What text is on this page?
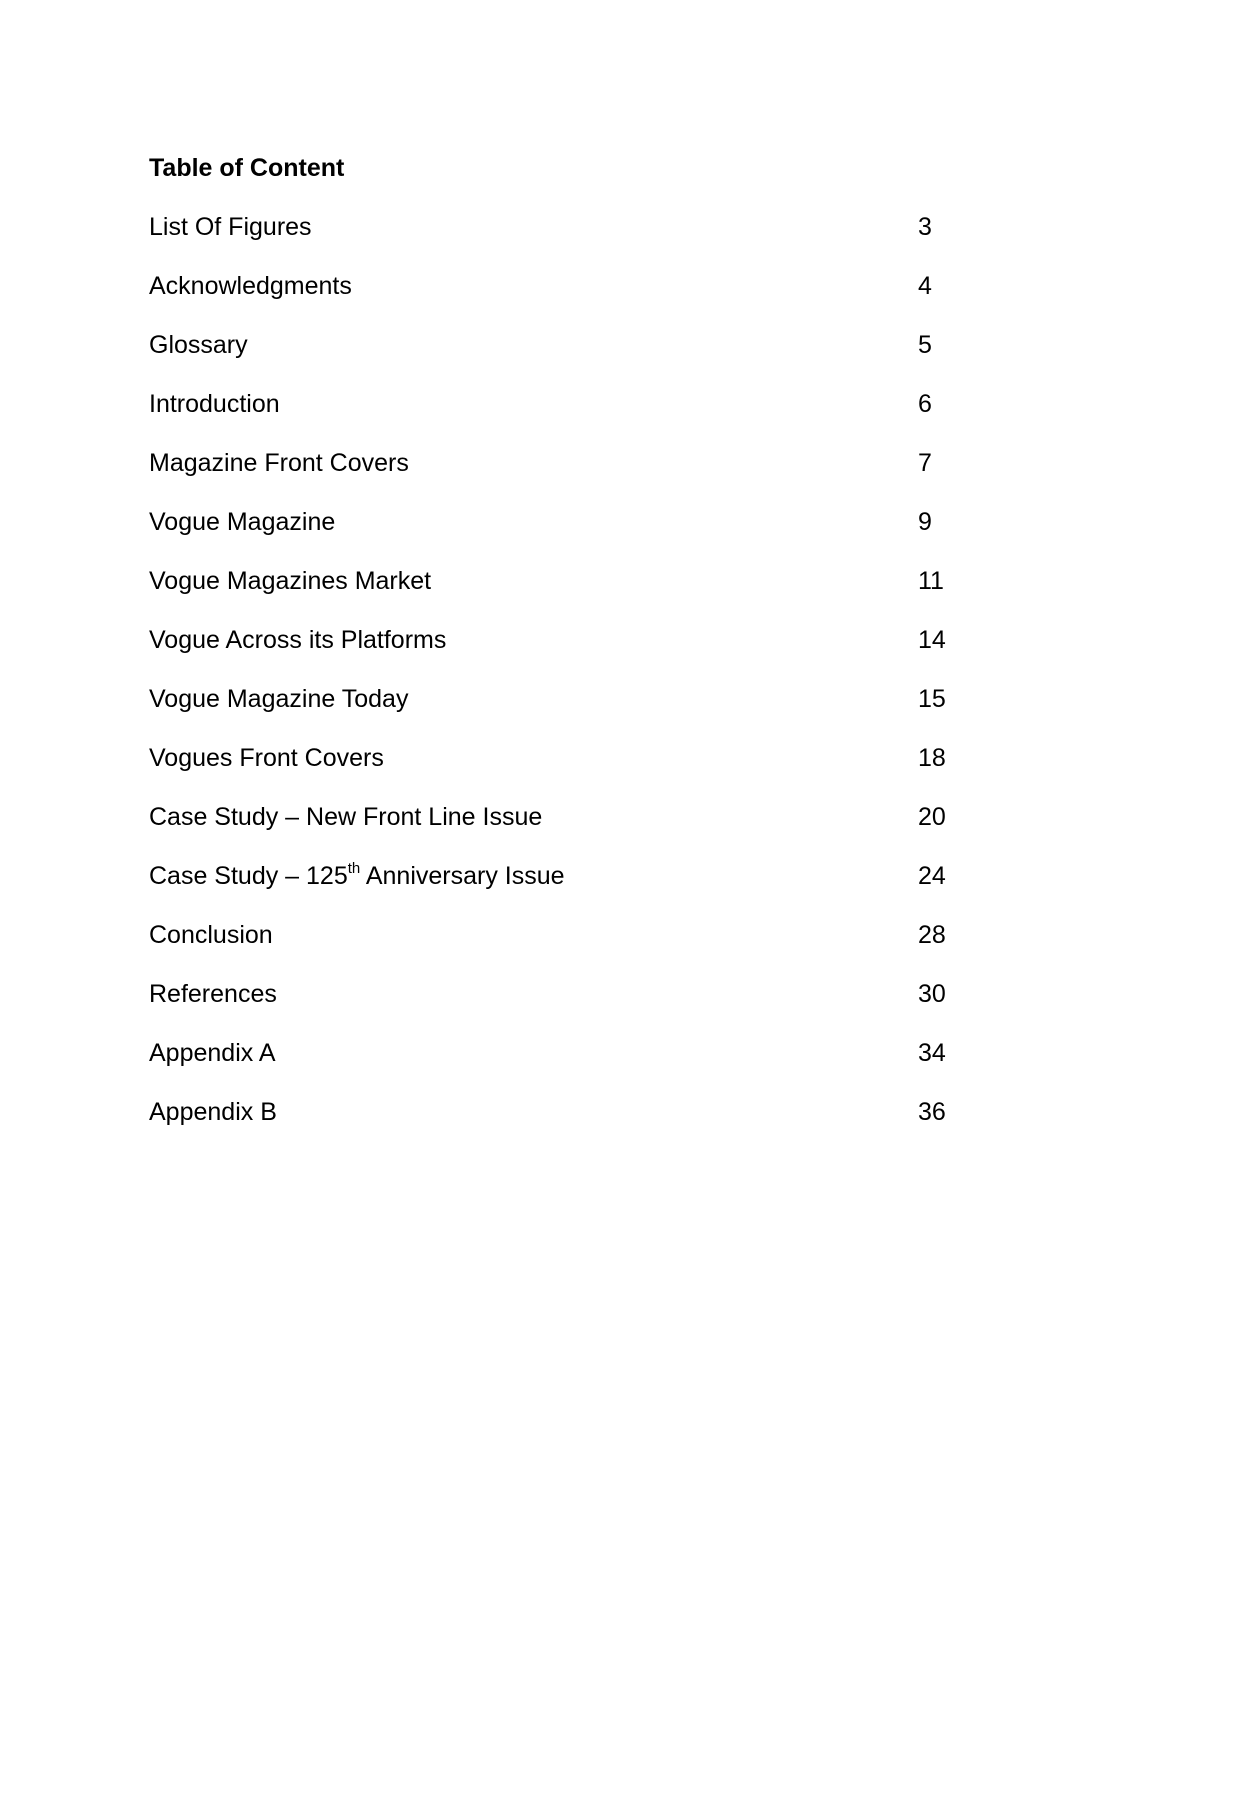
Table of Content
List Of Figures	3
Acknowledgments	4
Glossary	5
Introduction	6
Magazine Front Covers	7
Vogue Magazine	9
Vogue Magazines Market	11
Vogue Across its Platforms	14
Vogue Magazine Today	15
Vogues Front Covers	18
Case Study – New Front Line Issue	20
Case Study – 125th Anniversary Issue	24
Conclusion	28
References	30
Appendix A	34
Appendix B	36
